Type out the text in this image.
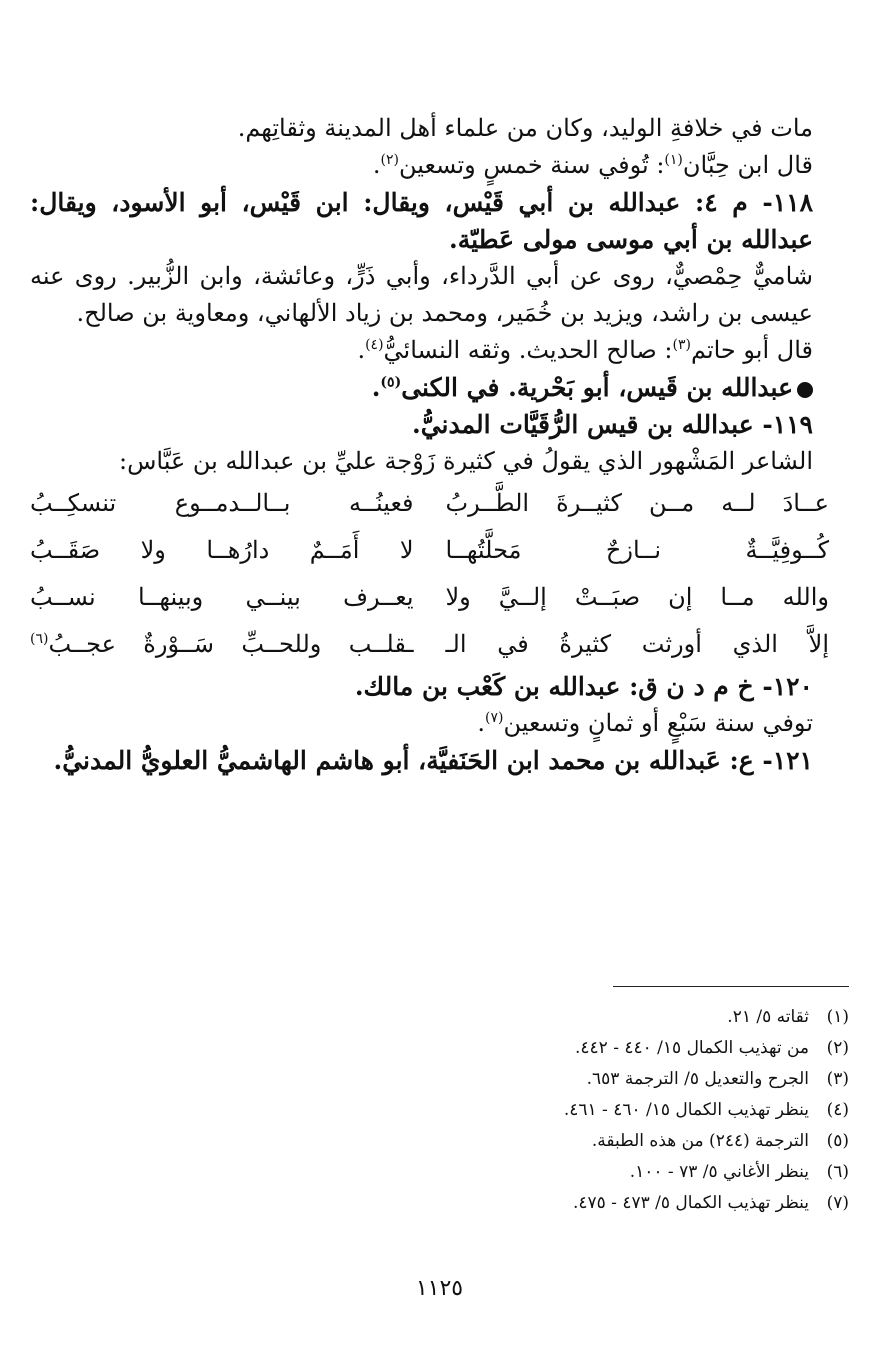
مات في خلافةِ الوليد، وكان من علماء أهل المدينة وثقاتِهم.

قال ابن حِبَّان$^{(١)}$: تُوفي سنة خمسٍ وتسعين$^{(٢)}$.

١١٨- م ٤: عبدالله بن أبي قَيْس، ويقال: ابن قَيْس، أبو الأسود، ويقال: عبدالله بن أبي موسى مولى عَطيّة.

شاميٌّ حِمْصيٌّ، روى عن أبي الدَّرداء، وأبي ذَرٍّ، وعائشة، وابن الزُّبير. روى عنه عيسى بن راشد، ويزيد بن خُمَير، ومحمد بن زياد الألهاني، ومعاوية بن صالح.

قال أبو حاتم$^{(٣)}$: صالح الحديث. وثقه النسائيُّ$^{(٤)}$.

عبدالله بن قَيس، أبو بَحْرية. في الكنى$^{(٥)}$.

١١٩- عبدالله بن قيس الرُّقَيَّات المدنيُّ.

الشاعر المَشْهور الذي يقولُ في كثيرة زَوْجة عليِّ بن عبدالله بن عَبَّاس:

عــادَ لــه مــن كثيــرةَ الطَّــربُ
فعينُــه بــالــدمــوع تنسكِــبُ
كُــوفِيَّــةٌ نــازحٌ مَحلَّتُهــا
لا أَمَــمٌ دارُهــا ولا صَقَــبُ
والله مــا إن صبَــتْ إلــيَّ ولا
يعــرف بينــي وبينهــا نســبُ
إلاَّ الذي أورثت كثيرةُ في الـ
ـقلــب وللحــبِّ سَــوْرةٌ عجــبُ$^{(٦)}$

١٢٠- خ م د ن ق: عبدالله بن كَعْب بن مالك.

توفي سنة سَبْعٍ أو ثمانٍ وتسعين$^{(٧)}$.

١٢١- ع: عَبدالله بن محمد ابن الحَنَفيَّة، أبو هاشم الهاشميُّ العلويُّ المدنيُّ.

(١)
ثقاته ٥/ ٢١.
(٢)
من تهذيب الكمال ١٥/ ٤٤٠ - ٤٤٢.
(٣)
الجرح والتعديل ٥/ الترجمة ٦٥٣.
(٤)
ينظر تهذيب الكمال ١٥/ ٤٦٠ - ٤٦١.
(٥)
الترجمة (٢٤٤) من هذه الطبقة.
(٦)
ينظر الأغاني ٥/ ٧٣ - ١٠٠.
(٧)
ينظر تهذيب الكمال ٥/ ٤٧٣ - ٤٧٥.
١١٢٥
